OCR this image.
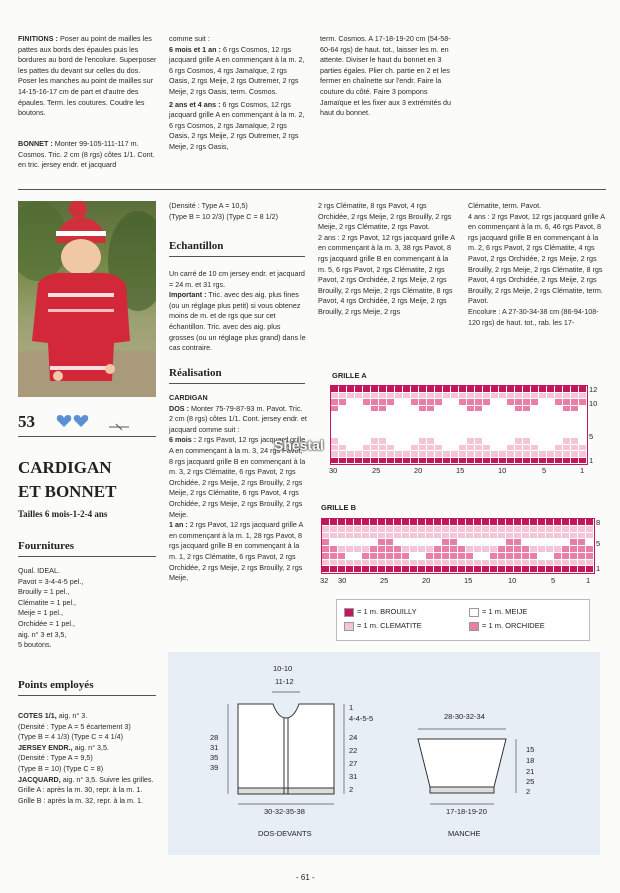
FINITIONS : Poser au point de mailles les pattes aux bords des épaules puis les bordures au bord de l'encolure. Superposer les pattes du devant sur celles du dos. Poser les manches au point de mailles sur 14-15-16-17 cm de part et d'autre des épaules. Term. les coutures. Coudre les boutons.
BONNET : Monter 99-105-111-117 m. Cosmos. Tric. 2 cm (8 rgs) côtes 1/1. Cont. en tric. jersey endr. et jacquard
comme suit :
6 mois et 1 an : 6 rgs Cosmos, 12 rgs jacquard grille A en commençant à la m. 2, 6 rgs Cosmos, 4 rgs Jamaïque, 2 rgs Oasis, 2 rgs Meije, 2 rgs Outremer, 2 rgs Meije, 2 rgs Oasis, term. Cosmos.
2 ans et 4 ans : 6 rgs Cosmos, 12 rgs jacquard grille A en commençant à la m. 2, 6 rgs Cosmos, 2 rgs Jamaïque, 2 rgs Oasis, 2 rgs Meije, 2 rgs Outremer, 2 rgs Meije, 2 rgs Oasis,
term. Cosmos. A 17-18-19-20 cm (54-58-60-64 rgs) de haut. tot., laisser les m. en attente. Diviser le haut du bonnet en 3 parties égales. Plier ch. partie en 2 et les fermer en chaînette sur l'endr. Faire la couture du côté. Faire 3 pompons Jamaïque et les fixer aux 3 extrémités du haut du bonnet.
53
CARDIGAN
ET BONNET
Tailles 6 mois-1-2-4 ans
Fournitures
Qual. IDEAL.
Pavot = 3-4-4-5 pel.,
Brouilly = 1 pel.,
Clématite = 1 pel.,
Meije = 1 pel.,
Orchidée = 1 pel.,
aig. n° 3 et 3,5,
5 boutons.
Points employés
COTES 1/1, aig. n° 3.
(Densité : Type A = 5 écartement 3)
(Type B = 4 1/3) (Type C = 4 1/4)
JERSEY ENDR., aig. n° 3,5.
(Densité : Type A = 9,5)
(Type B = 10) (Type C = 8)
JACQUARD, aig. n° 3,5. Suivre les grilles.
Grille A : après la m. 30, repr. à la m. 1.
Grille B : après la m. 32, repr. à la m. 1.
(Densité : Type A = 10,5)
(Type B = 10 2/3) (Type C = 8 1/2)
Echantillon
Un carré de 10 cm jersey endr. et jacquard = 24 m. et 31 rgs.
Important : Tric. avec des aig. plus fines (ou un réglage plus petit) si vous obtenez moins de m. et de rgs que sur cet échantillon. Tric. avec des aig. plus grosses (ou un réglage plus grand) dans le cas contraire.
Réalisation
CARDIGAN
DOS : Monter 75-79-87-93 m. Pavot. Tric. 2 cm (8 rgs) côtes 1/1. Cont. jersey endr. et jacquard comme suit :
6 mois : 2 rgs Pavot, 12 rgs jacquard grille A en commençant à la m. 3, 24 rgs Pavot, 8 rgs jacquard grille B en commençant à la m. 3, 2 rgs Clématite, 6 rgs Pavot, 2 rgs Orchidée, 2 rgs Meije, 2 rgs Brouilly, 2 rgs Meije, 2 rgs Clématite, 6 rgs Pavot, 4 rgs Orchidée, 2 rgs Meije, 2 rgs Brouilly, 2 rgs Meije.
1 an : 2 rgs Pavot, 12 rgs jacquard grille A en commençant à la m. 1, 28 rgs Pavot, 8 rgs jacquard grille B en commençant à la m. 1, 2 rgs Clématite, 6 rgs Pavot, 2 rgs Orchidée, 2 rgs Meije, 2 rgs Brouilly, 2 rgs Meije,
2 rgs Clématite, 8 rgs Pavot, 4 rgs Orchidée, 2 rgs Meije, 2 rgs Brouilly, 2 rgs Meije, 2 rgs Clématite, 2 rgs Pavot.
2 ans : 2 rgs Pavot, 12 rgs jacquard grille A en commençant à la m. 3, 38 rgs Pavot, 8 rgs jacquard grille B en commençant à la m. 5, 6 rgs Pavot, 2 rgs Clématite, 2 rgs Pavot, 2 rgs Orchidée, 2 rgs Meije, 2 rgs Brouilly, 2 rgs Meije, 2 rgs Clématite, 8 rgs Pavot, 4 rgs Orchidée, 2 rgs Meije, 2 rgs Brouilly, 2 rgs Meije, 2 rgs
Clématite, term. Pavot.
4 ans : 2 rgs Pavot, 12 rgs jacquard grille A en commençant à la m. 6, 46 rgs Pavot, 8 rgs jacquard grille B en commençant à la m. 2, 6 rgs Pavot, 2 rgs Clématite, 4 rgs Pavot, 2 rgs Orchidée, 2 rgs Meije, 2 rgs Brouilly, 2 rgs Meije, 2 rgs Clématite, 8 rgs Pavot, 4 rgs Orchidée, 2 rgs Meije, 2 rgs Brouilly, 2 rgs Meije, 2 rgs Clématite, term. Pavot.
Encolure : A 27-30-34-38 cm (86-94-108-120 rgs) de haut. tot., rab. les 17-
GRILLE A
30	25	20	15	10	5	1
12
10
5
1
Shestal
GRILLE B
32 30	25	20	15	10	5	1
8
5
1
= 1 m. BROUILLY
= 1 m. CLEMATITE
= 1 m. MEIJE
= 1 m. ORCHIDEE
10-10
11-12
28
31
35
39
1
4-4-5-5
24
22
27
31
2
30-32-35-38
DOS-DEVANTS
28-30-32-34
15
18
21
25
2
17-18-19-20
MANCHE
- 61 -
